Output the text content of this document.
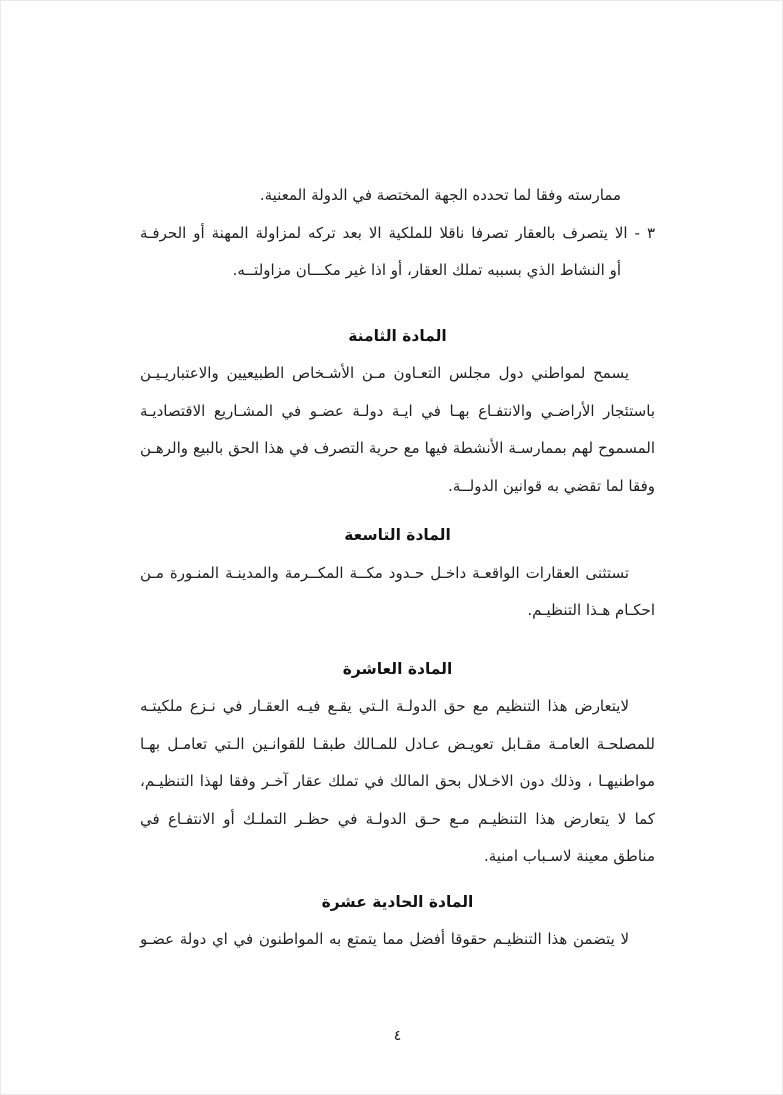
ممارسته وفقا لما تحدده الجهة المختصة في الدولة المعنية.
٣ - الا يتصرف بالعقار تصرفا ناقلا للملكية الا بعد تركه لمزاولة المهنة أو الحرفـة
أو النشاط الذي بسببه تملك العقار، أو اذا غير مكـــان مزاولتــه.
المادة الثامنة
يسمح لمواطني دول مجلس التعـاون مـن الأشـخاص الطبيعيين والاعتباريـيـن
باستئجار الأراضـي والانتفـاع بهـا في ايـة دولـة عضـو في المشـاريع الاقتصاديـة
المسموح لهم بممارسـة الأنشطة فيها مع حرية التصرف في هذا الحق بالبيع والرهـن
وفقا لما تقضي به قوانين الدولــة.
المادة التاسعة
تستثنى العقارات الواقعـة داخـل حـدود مكــة المكــرمة والمدينـة المنـورة مـن
احكـام هـذا التنظيـم.
المادة العاشرة
لايتعارض هذا التنظيم مع حق الدولـة الـتي يقـع فيـه العقـار في نـزع ملكيتـه
للمصلحـة العامـة مقـابل تعويـض عـادل للمـالك طبقـا للقوانـين الـتي تعامـل بهـا
مواطنيهـا ، وذلك دون الاخـلال بحق المالك في تملك عقار آخـر وفقا لهذا التنظيـم،
كما لا يتعارض هذا التنظيـم مـع حـق الدولـة في حظـر التملـك أو الانتفـاع في
مناطق معينة لاسـباب امنية.
المادة الحادية عشرة
لا يتضمن هذا التنظيـم حقوقا أفضل مما يتمتع به المواطنون في اي دولة عضـو
٤
